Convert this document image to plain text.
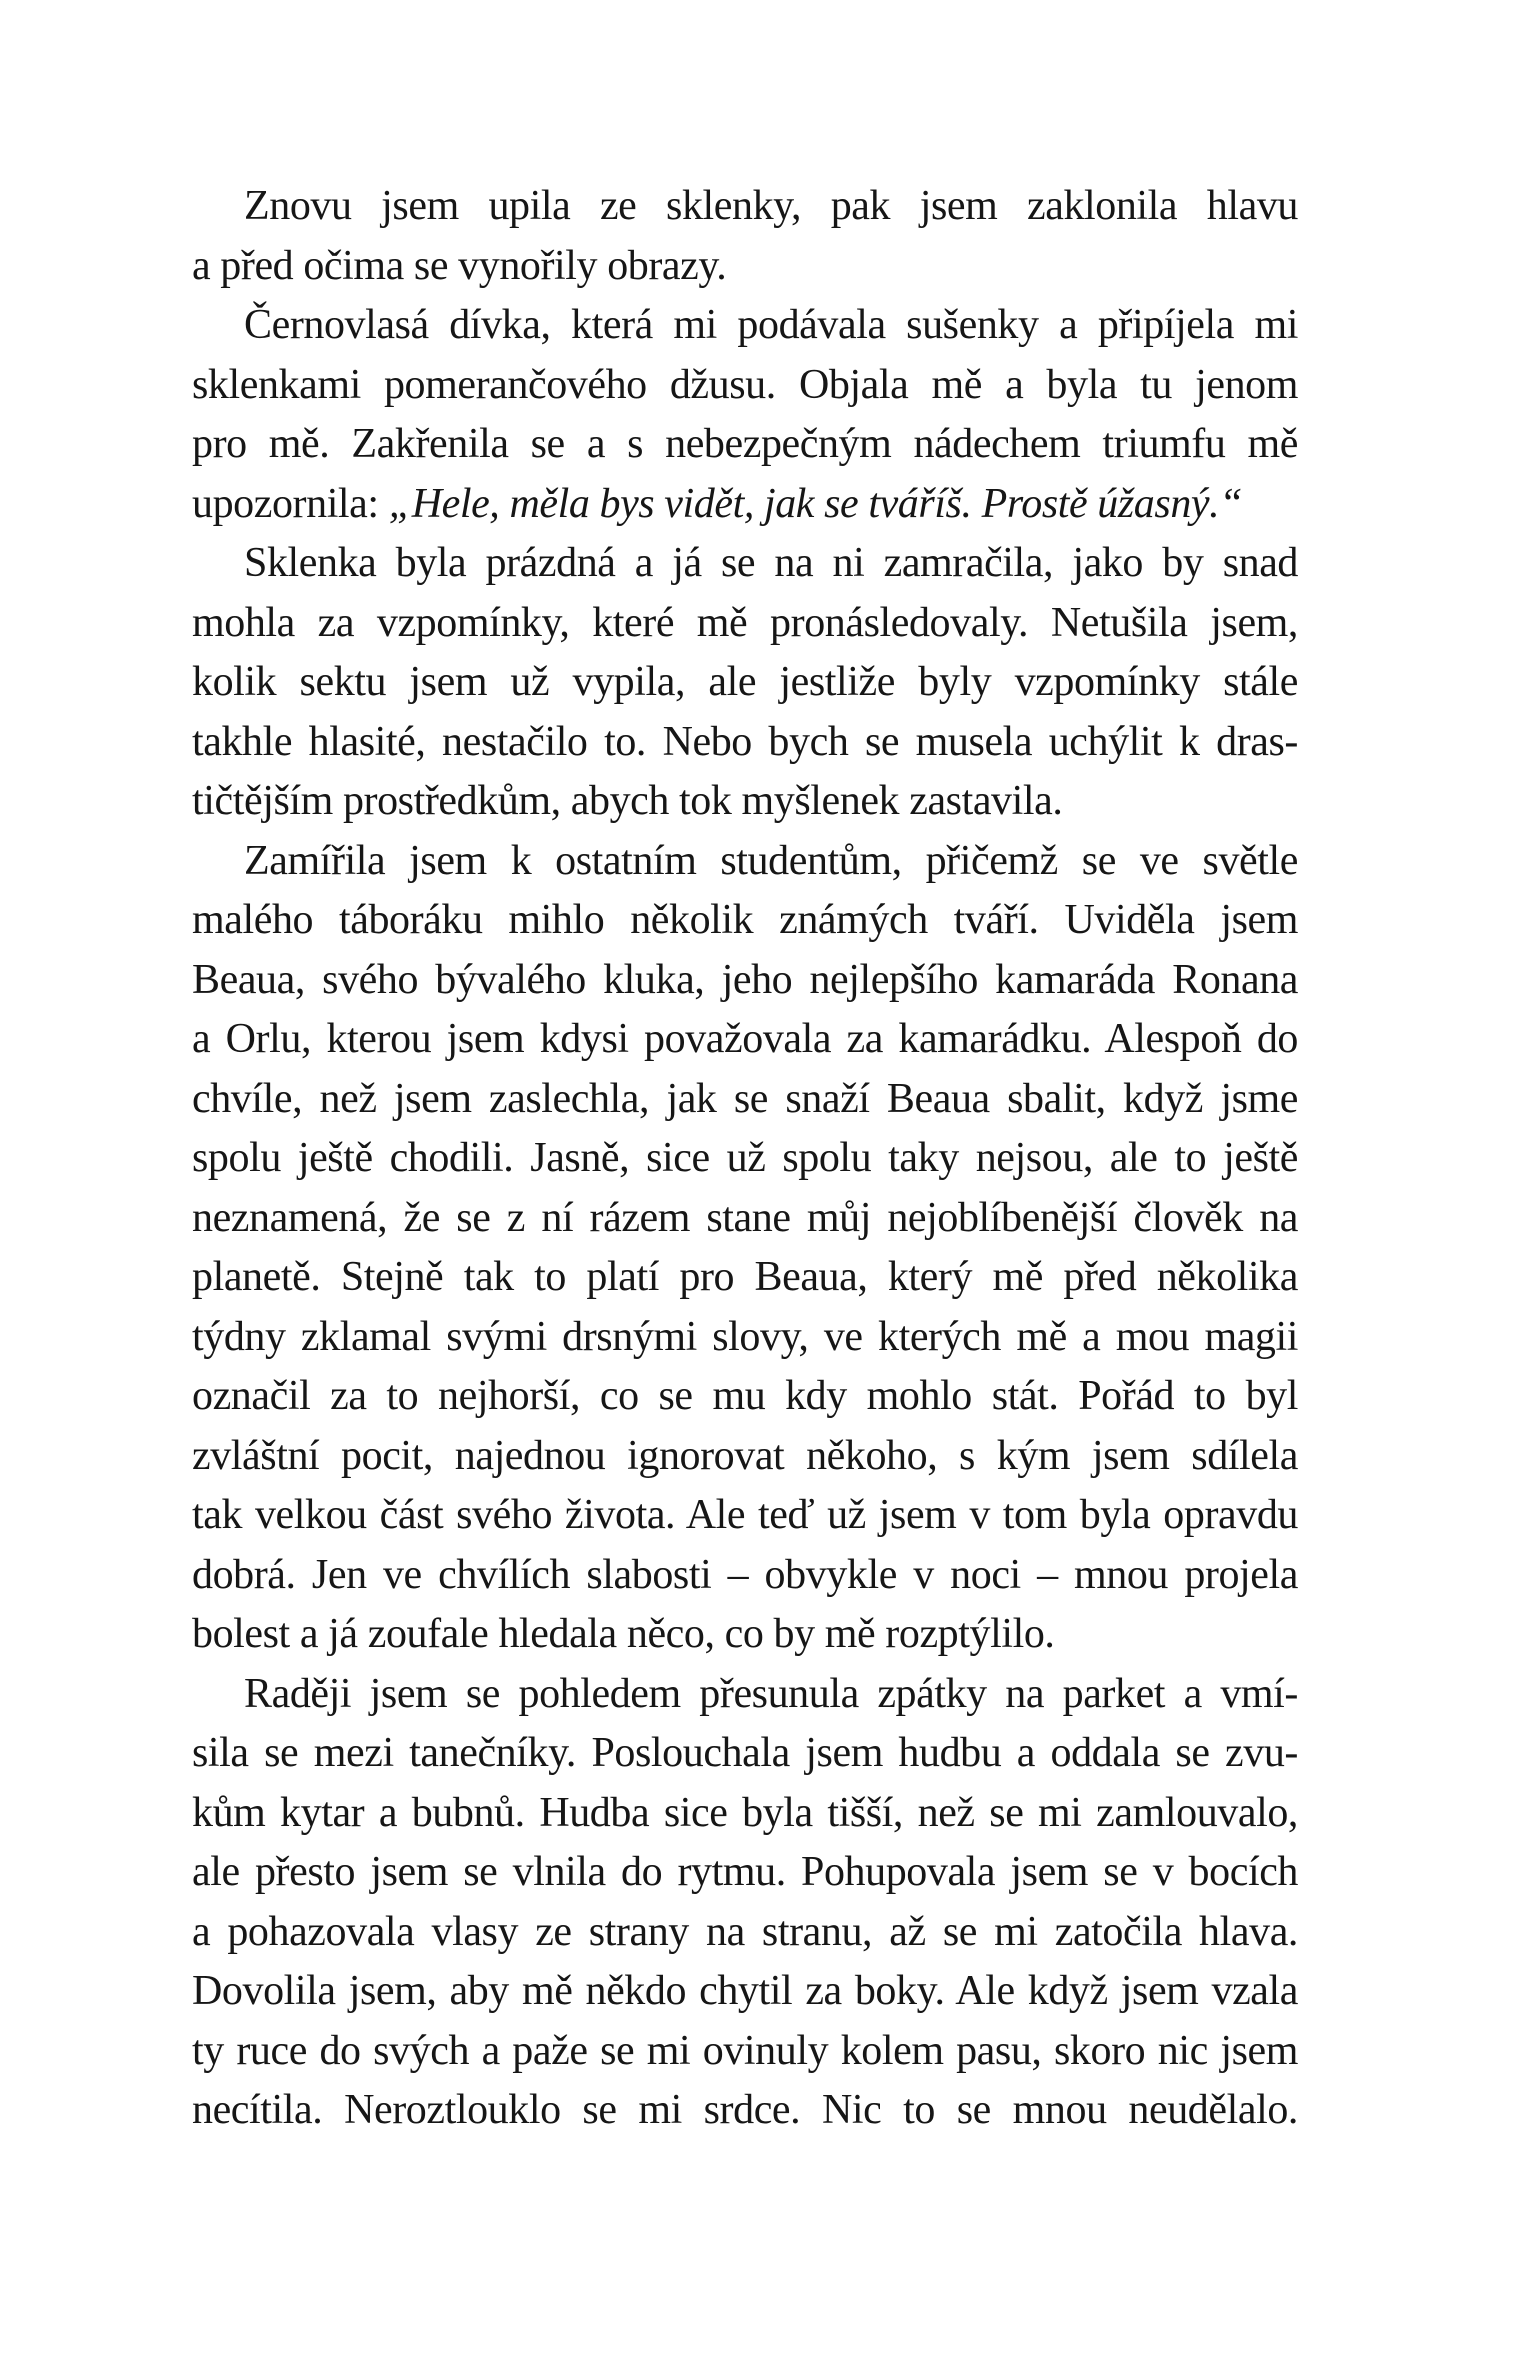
Znovu jsem upila ze sklenky, pak jsem zaklonila hlavu
a před očima se vynořily obrazy.
Černovlasá dívka, která mi podávala sušenky a připíjela mi
sklenkami pomerančového džusu. Objala mě a byla tu jenom
pro mě. Zakřenila se a s nebezpečným nádechem triumfu mě
upozornila: „Hele, měla bys vidět, jak se tváříš. Prostě úžasný.“
Sklenka byla prázdná a já se na ni zamračila, jako by snad
mohla za vzpomínky, které mě pronásledovaly. Netušila jsem,
kolik sektu jsem už vypila, ale jestliže byly vzpomínky stále
takhle hlasité, nestačilo to. Nebo bych se musela uchýlit k dras-
tičtějším prostředkům, abych tok myšlenek zastavila.
Zamířila jsem k ostatním studentům, přičemž se ve světle
malého táboráku mihlo několik známých tváří. Uviděla jsem
Beaua, svého bývalého kluka, jeho nejlepšího kamaráda Ronana
a Orlu, kterou jsem kdysi považovala za kamarádku. Alespoň do
chvíle, než jsem zaslechla, jak se snaží Beaua sbalit, když jsme
spolu ještě chodili. Jasně, sice už spolu taky nejsou, ale to ještě
neznamená, že se z ní rázem stane můj nejoblíbenější člověk na
planetě. Stejně tak to platí pro Beaua, který mě před několika
týdny zklamal svými drsnými slovy, ve kterých mě a mou magii
označil za to nejhorší, co se mu kdy mohlo stát. Pořád to byl
zvláštní pocit, najednou ignorovat někoho, s kým jsem sdílela
tak velkou část svého života. Ale teď už jsem v tom byla opravdu
dobrá. Jen ve chvílích slabosti – obvykle v noci – mnou projela
bolest a já zoufale hledala něco, co by mě rozptýlilo.
Raději jsem se pohledem přesunula zpátky na parket a vmí-
sila se mezi tanečníky. Poslouchala jsem hudbu a oddala se zvu-
kům kytar a bubnů. Hudba sice byla tišší, než se mi zamlouvalo,
ale přesto jsem se vlnila do rytmu. Pohupovala jsem se v bocích
a pohazovala vlasy ze strany na stranu, až se mi zatočila hlava.
Dovolila jsem, aby mě někdo chytil za boky. Ale když jsem vzala
ty ruce do svých a paže se mi ovinuly kolem pasu, skoro nic jsem
necítila. Neroztlouklo se mi srdce. Nic to se mnou neudělalo.
